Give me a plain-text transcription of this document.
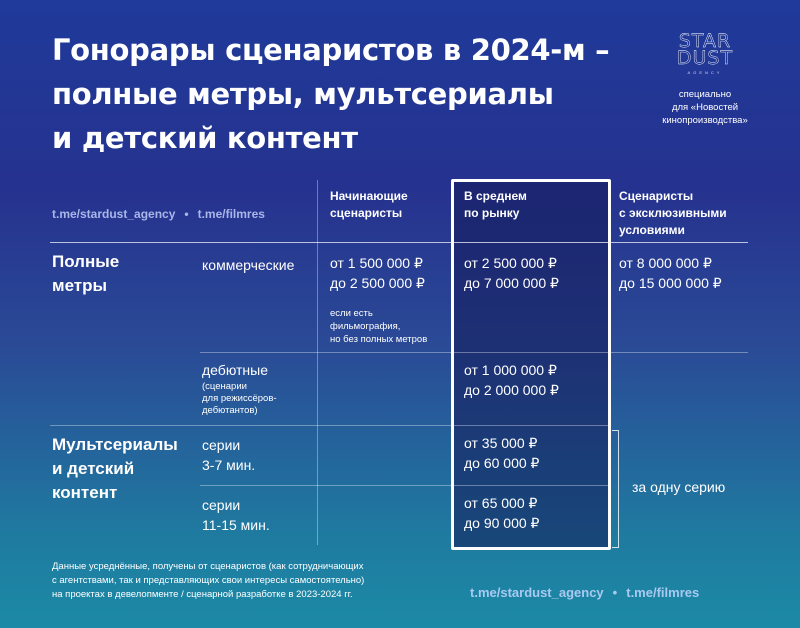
Гонорары сценаристов в 2024-м –
полные метры, мультсериалы
и детский контент
STAR
DUST
AGENCY
специально
для «Новостей
кинопроизводства»
t.me/stardust_agency • t.me/filmres
Начинающие
сценаристы
В среднем
по рынку
Сценаристы
с эксклюзивными
условиями
Полные
метры
коммерческие	от 1 500 000 ₽
до 2 500 000 ₽
если есть
фильмография,
но без полных метров
от 2 500 000 ₽
до 7 000 000 ₽
от 8 000 000 ₽
до 15 000 000 ₽
дебютные
(сценарии
для режиссёров-
дебютантов)
от 1 000 000 ₽
до 2 000 000 ₽
Мультсериалы
и детский
контент
серии
3-7 мин.
от 35 000 ₽
до 60 000 ₽
серии
11-15 мин.
от 65 000 ₽
до 90 000 ₽
за одну серию
Данные усреднённые, получены от сценаристов (как сотрудничающих
с агентствами, так и представляющих свои интересы самостоятельно)
на проектах в девелопменте / сценарной разработке в 2023-2024 гг.	t.me/stardust_agency • t.me/filmres
